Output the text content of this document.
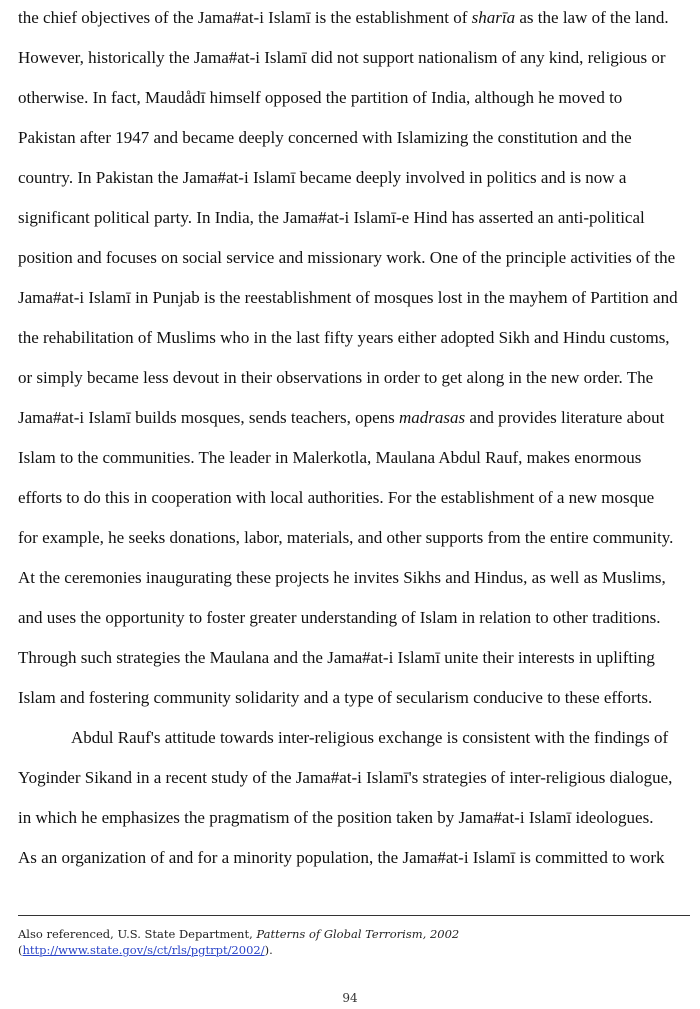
the chief objectives of the Jama#at-i Islamī is the establishment of sharīa as the law of the land.
However, historically the Jama#at-i Islamī did not support nationalism of any kind, religious or
otherwise. In fact, Maudådī himself opposed the partition of India, although he moved to
Pakistan after 1947 and became deeply concerned with Islamizing the constitution and the
country. In Pakistan the Jama#at-i Islamī became deeply involved in politics and is now a
significant political party. In India, the Jama#at-i Islamī-e Hind has asserted an anti-political
position and focuses on social service and missionary work. One of the principle activities of the
Jama#at-i Islamī in Punjab is the reestablishment of mosques lost in the mayhem of Partition and
the rehabilitation of Muslims who in the last fifty years either adopted Sikh and Hindu customs,
or simply became less devout in their observations in order to get along in the new order. The
Jama#at-i Islamī builds mosques, sends teachers, opens madrasas and provides literature about
Islam to the communities. The leader in Malerkotla, Maulana Abdul Rauf, makes enormous
efforts to do this in cooperation with local authorities. For the establishment of a new mosque
for example, he seeks donations, labor, materials, and other supports from the entire community.
At the ceremonies inaugurating these projects he invites Sikhs and Hindus, as well as Muslims,
and uses the opportunity to foster greater understanding of Islam in relation to other traditions.
Through such strategies the Maulana and the Jama#at-i Islamī unite their interests in uplifting
Islam and fostering community solidarity and a type of secularism conducive to these efforts.
Abdul Rauf's attitude towards inter-religious exchange is consistent with the findings of
Yoginder Sikand in a recent study of the Jama#at-i Islamī's strategies of inter-religious dialogue,
in which he emphasizes the pragmatism of the position taken by Jama#at-i Islamī ideologues.
As an organization of and for a minority population, the Jama#at-i Islamī is committed to work
Also referenced, U.S. State Department, Patterns of Global Terrorism, 2002
(http://www.state.gov/s/ct/rls/pgtrpt/2002/).
94
